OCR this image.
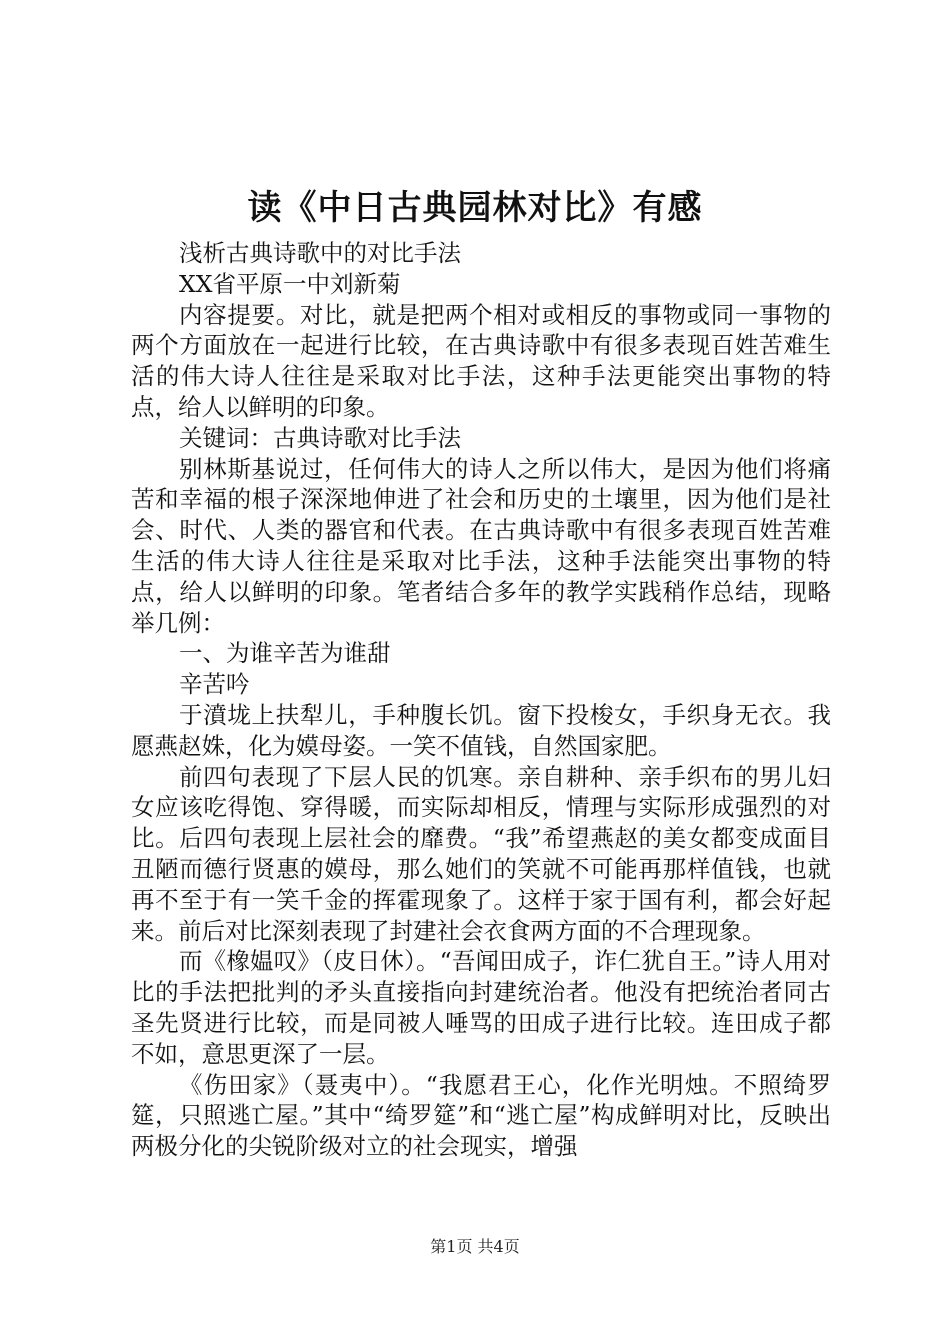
读《中日古典园林对比》有感

浅析古典诗歌中的对比手法

XX省平原一中刘新菊

内容提要。对比，就是把两个相对或相反的事物或同一事物的两个方面放在一起进行比较，在古典诗歌中有很多表现百姓苦难生活的伟大诗人往往是采取对比手法，这种手法更能突出事物的特点，给人以鲜明的印象。

关键词：古典诗歌对比手法

别林斯基说过，任何伟大的诗人之所以伟大，是因为他们将痛苦和幸福的根子深深地伸进了社会和历史的土壤里，因为他们是社会、时代、人类的器官和代表。在古典诗歌中有很多表现百姓苦难生活的伟大诗人往往是采取对比手法，这种手法能突出事物的特点，给人以鲜明的印象。笔者结合多年的教学实践稍作总结，现略举几例：

一、为谁辛苦为谁甜

辛苦吟

于濆垅上扶犁儿，手种腹长饥。窗下投梭女，手织身无衣。我愿燕赵姝，化为嫫母姿。一笑不值钱，自然国家肥。

前四句表现了下层人民的饥寒。亲自耕种、亲手织布的男儿妇女应该吃得饱、穿得暖，而实际却相反，情理与实际形成强烈的对比。后四句表现上层社会的靡费。“我”希望燕赵的美女都变成面目丑陋而德行贤惠的嫫母，那么她们的笑就不可能再那样值钱，也就再不至于有一笑千金的挥霍现象了。这样于家于国有利，都会好起来。前后对比深刻表现了封建社会衣食两方面的不合理现象。

而《橡媪叹》（皮日休）。“吾闻田成子，诈仁犹自王。”诗人用对比的手法把批判的矛头直接指向封建统治者。他没有把统治者同古圣先贤进行比较，而是同被人唾骂的田成子进行比较。连田成子都不如，意思更深了一层。

《伤田家》（聂夷中）。“我愿君王心，化作光明烛。不照绮罗筵，只照逃亡屋。”其中“绮罗筵”和“逃亡屋”构成鲜明对比，反映出两极分化的尖锐阶级对立的社会现实，增强

第1页 共4页
